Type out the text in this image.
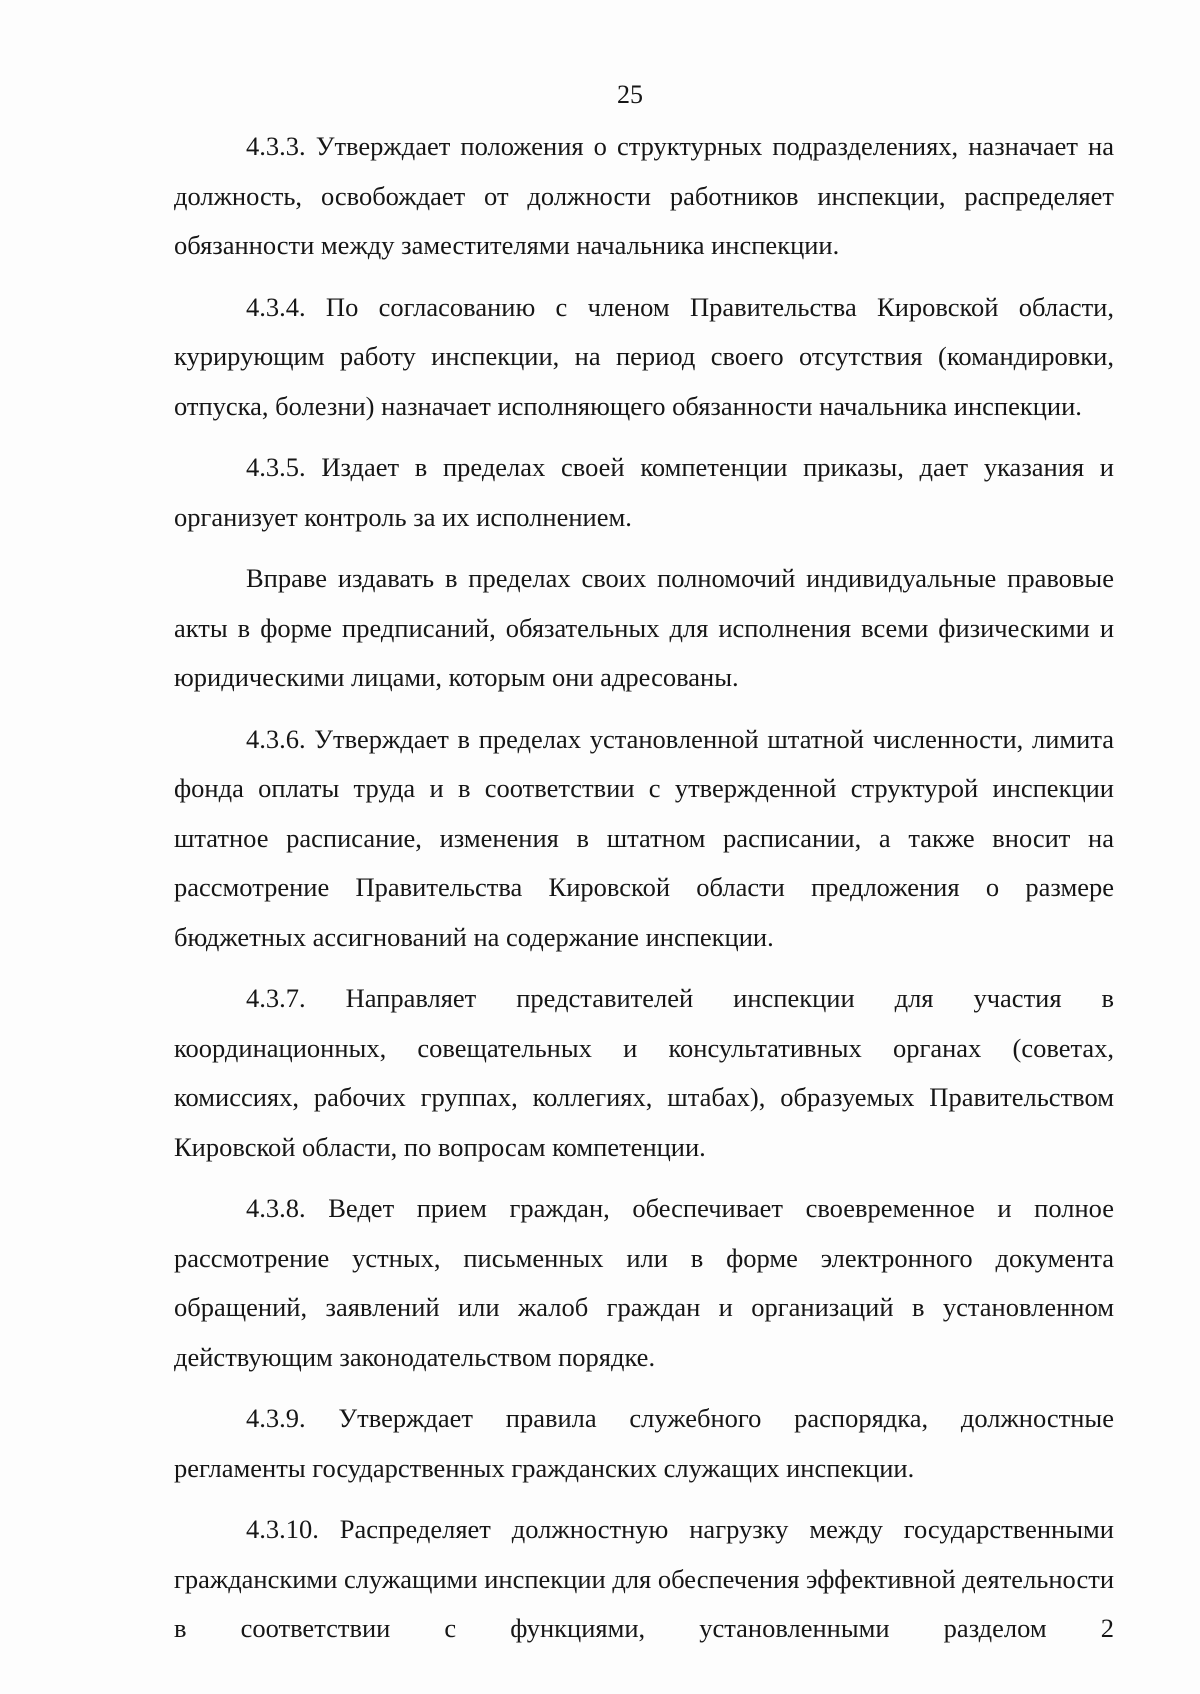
25

4.3.3. Утверждает положения о структурных подразделениях, назначает на должность, освобождает от должности работников инспекции, распределяет обязанности между заместителями начальника инспекции.

4.3.4. По согласованию с членом Правительства Кировской области, курирующим работу инспекции, на период своего отсутствия (командировки, отпуска, болезни) назначает исполняющего обязанности начальника инспекции.

4.3.5. Издает в пределах своей компетенции приказы, дает указания и организует контроль за их исполнением.

Вправе издавать в пределах своих полномочий индивидуальные правовые акты в форме предписаний, обязательных для исполнения всеми физическими и юридическими лицами, которым они адресованы.

4.3.6. Утверждает в пределах установленной штатной численности, лимита фонда оплаты труда и в соответствии с утвержденной структурой инспекции штатное расписание, изменения в штатном расписании, а также вносит на рассмотрение Правительства Кировской области предложения о размере бюджетных ассигнований на содержание инспекции.

4.3.7. Направляет представителей инспекции для участия в координационных, совещательных и консультативных органах (советах, комиссиях, рабочих группах, коллегиях, штабах), образуемых Правительством Кировской области, по вопросам компетенции.

4.3.8. Ведет прием граждан, обеспечивает своевременное и полное рассмотрение устных, письменных или в форме электронного документа обращений, заявлений или жалоб граждан и организаций в установленном действующим законодательством порядке.

4.3.9. Утверждает правила служебного распорядка, должностные регламенты государственных гражданских служащих инспекции.

4.3.10. Распределяет должностную нагрузку между государственными гражданскими служащими инспекции для обеспечения эффективной деятельности в соответствии с функциями, установленными разделом 2
